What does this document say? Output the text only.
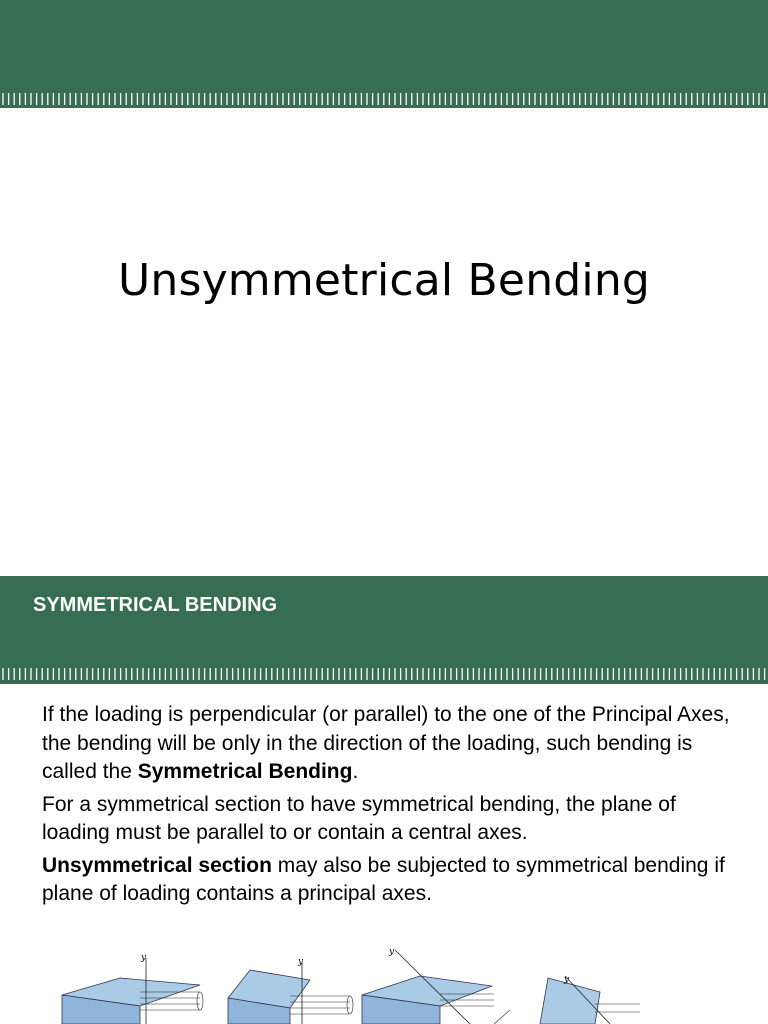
Unsymmetrical Bending
SYMMETRICAL BENDING

If the loading is perpendicular (or parallel) to the one of the Principal Axes, the bending will be only in the direction of the loading, such bending is called the Symmetrical Bending.

For a symmetrical section to have symmetrical bending, the plane of loading must be parallel to or contain a central axes.

Unsymmetrical section may also be subjected to symmetrical bending if plane of loading contains a principal axes.

y	y
y
y
